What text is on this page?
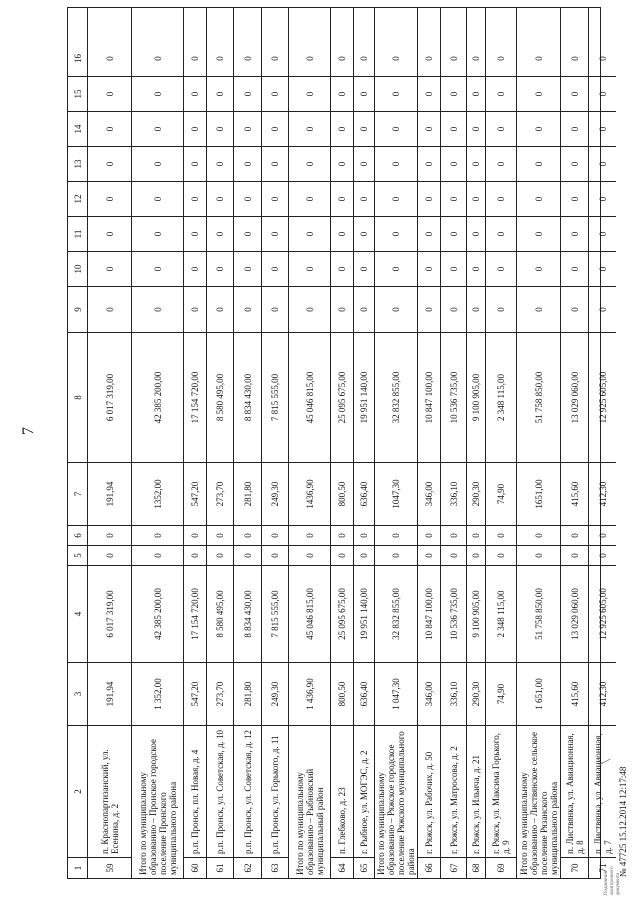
7
1
2
3
4
5
6
7
8
9
10
11
12
13
14
15
16
59
п. Краснопартизанский, ул. Есенина, д. 2
191,94
6 017 319,00
0
0
191,94
6 017 319,00
0
0
0
0
0
0
0
0
Итого по муниципальному образованию – Пронское городское поселение Пронского муниципального района
1 352,00
42 385 200,00
0
0
1352,00
42 385 200,00
0
0
0
0
0
0
0
0
60
р.п. Пронск, пл. Новая, д. 4
547,20
17 154 720,00
0
0
547,20
17 154 720,00
0
0
0
0
0
0
0
0
61
р.п. Пронск, ул. Советская, д. 10
273,70
8 580 495,00
0
0
273,70
8 580 495,00
0
0
0
0
0
0
0
0
62
р.п. Пронск, ул. Советская, д. 12
281,80
8 834 430,00
0
0
281,80
8 834 430,00
0
0
0
0
0
0
0
0
63
р.п. Пронск, ул. Горького, д. 11
249,30
7 815 555,00
0
0
249,30
7 815 555,00
0
0
0
0
0
0
0
0
Итого по муниципальному образованию – Рыбновский муниципальный район
1 436,90
45 046 815,00
0
0
1436,90
45 046 815,00
0
0
0
0
0
0
0
0
64
п. Глебково, д. 23
800,50
25 095 675,00
0
0
800,50
25 095 675,00
0
0
0
0
0
0
0
0
65
г. Рыбное, ул. МОГЭС, д. 2
636,40
19 951 140,00
0
0
636,40
19 951 140,00
0
0
0
0
0
0
0
0
Итого по муниципальному образованию – Ряжское городское поселение Ряжского муниципального района
1 047,30
32 832 855,00
0
0
1047,30
32 832 855,00
0
0
0
0
0
0
0
0
66
г. Ряжск, ул. Рабочих, д. 50
346,00
10 847 100,00
0
0
346,00
10 847 100,00
0
0
0
0
0
0
0
0
67
г. Ряжск, ул. Матросова, д. 2
336,10
10 536 735,00
0
0
336,10
10 536 735,00
0
0
0
0
0
0
0
0
68
г. Ряжск, ул. Ильича, д. 21
290,30
9 100 905,00
0
0
290,30
9 100 905,00
0
0
0
0
0
0
0
0
69
г. Ряжск, ул. Максима Горького, д. 9
74,90
2 348 115,00
0
0
74,90
2 348 115,00
0
0
0
0
0
0
0
0
Итого по муниципальному образованию – Листвянское сельское поселение Рязанского муниципального района
1 651,00
51 758 850,00
0
0
1651,00
51 758 850,00
0
0
0
0
0
0
0
0
70
п. Листвянка, ул. Авиационная, д. 8
415,60
13 029 060,00
0
0
415,60
13 029 060,00
0
0
0
0
0
0
0
0
71
п. Листвянка, ул. Авиационная, д. 7
412,30
12 925 605,00
0
0
412,30
12 925 605,00
0
0
0
0
0
0
0
0
Подлинник электронного документа
╲
№ 47725 15.12.2014 12:17:48
